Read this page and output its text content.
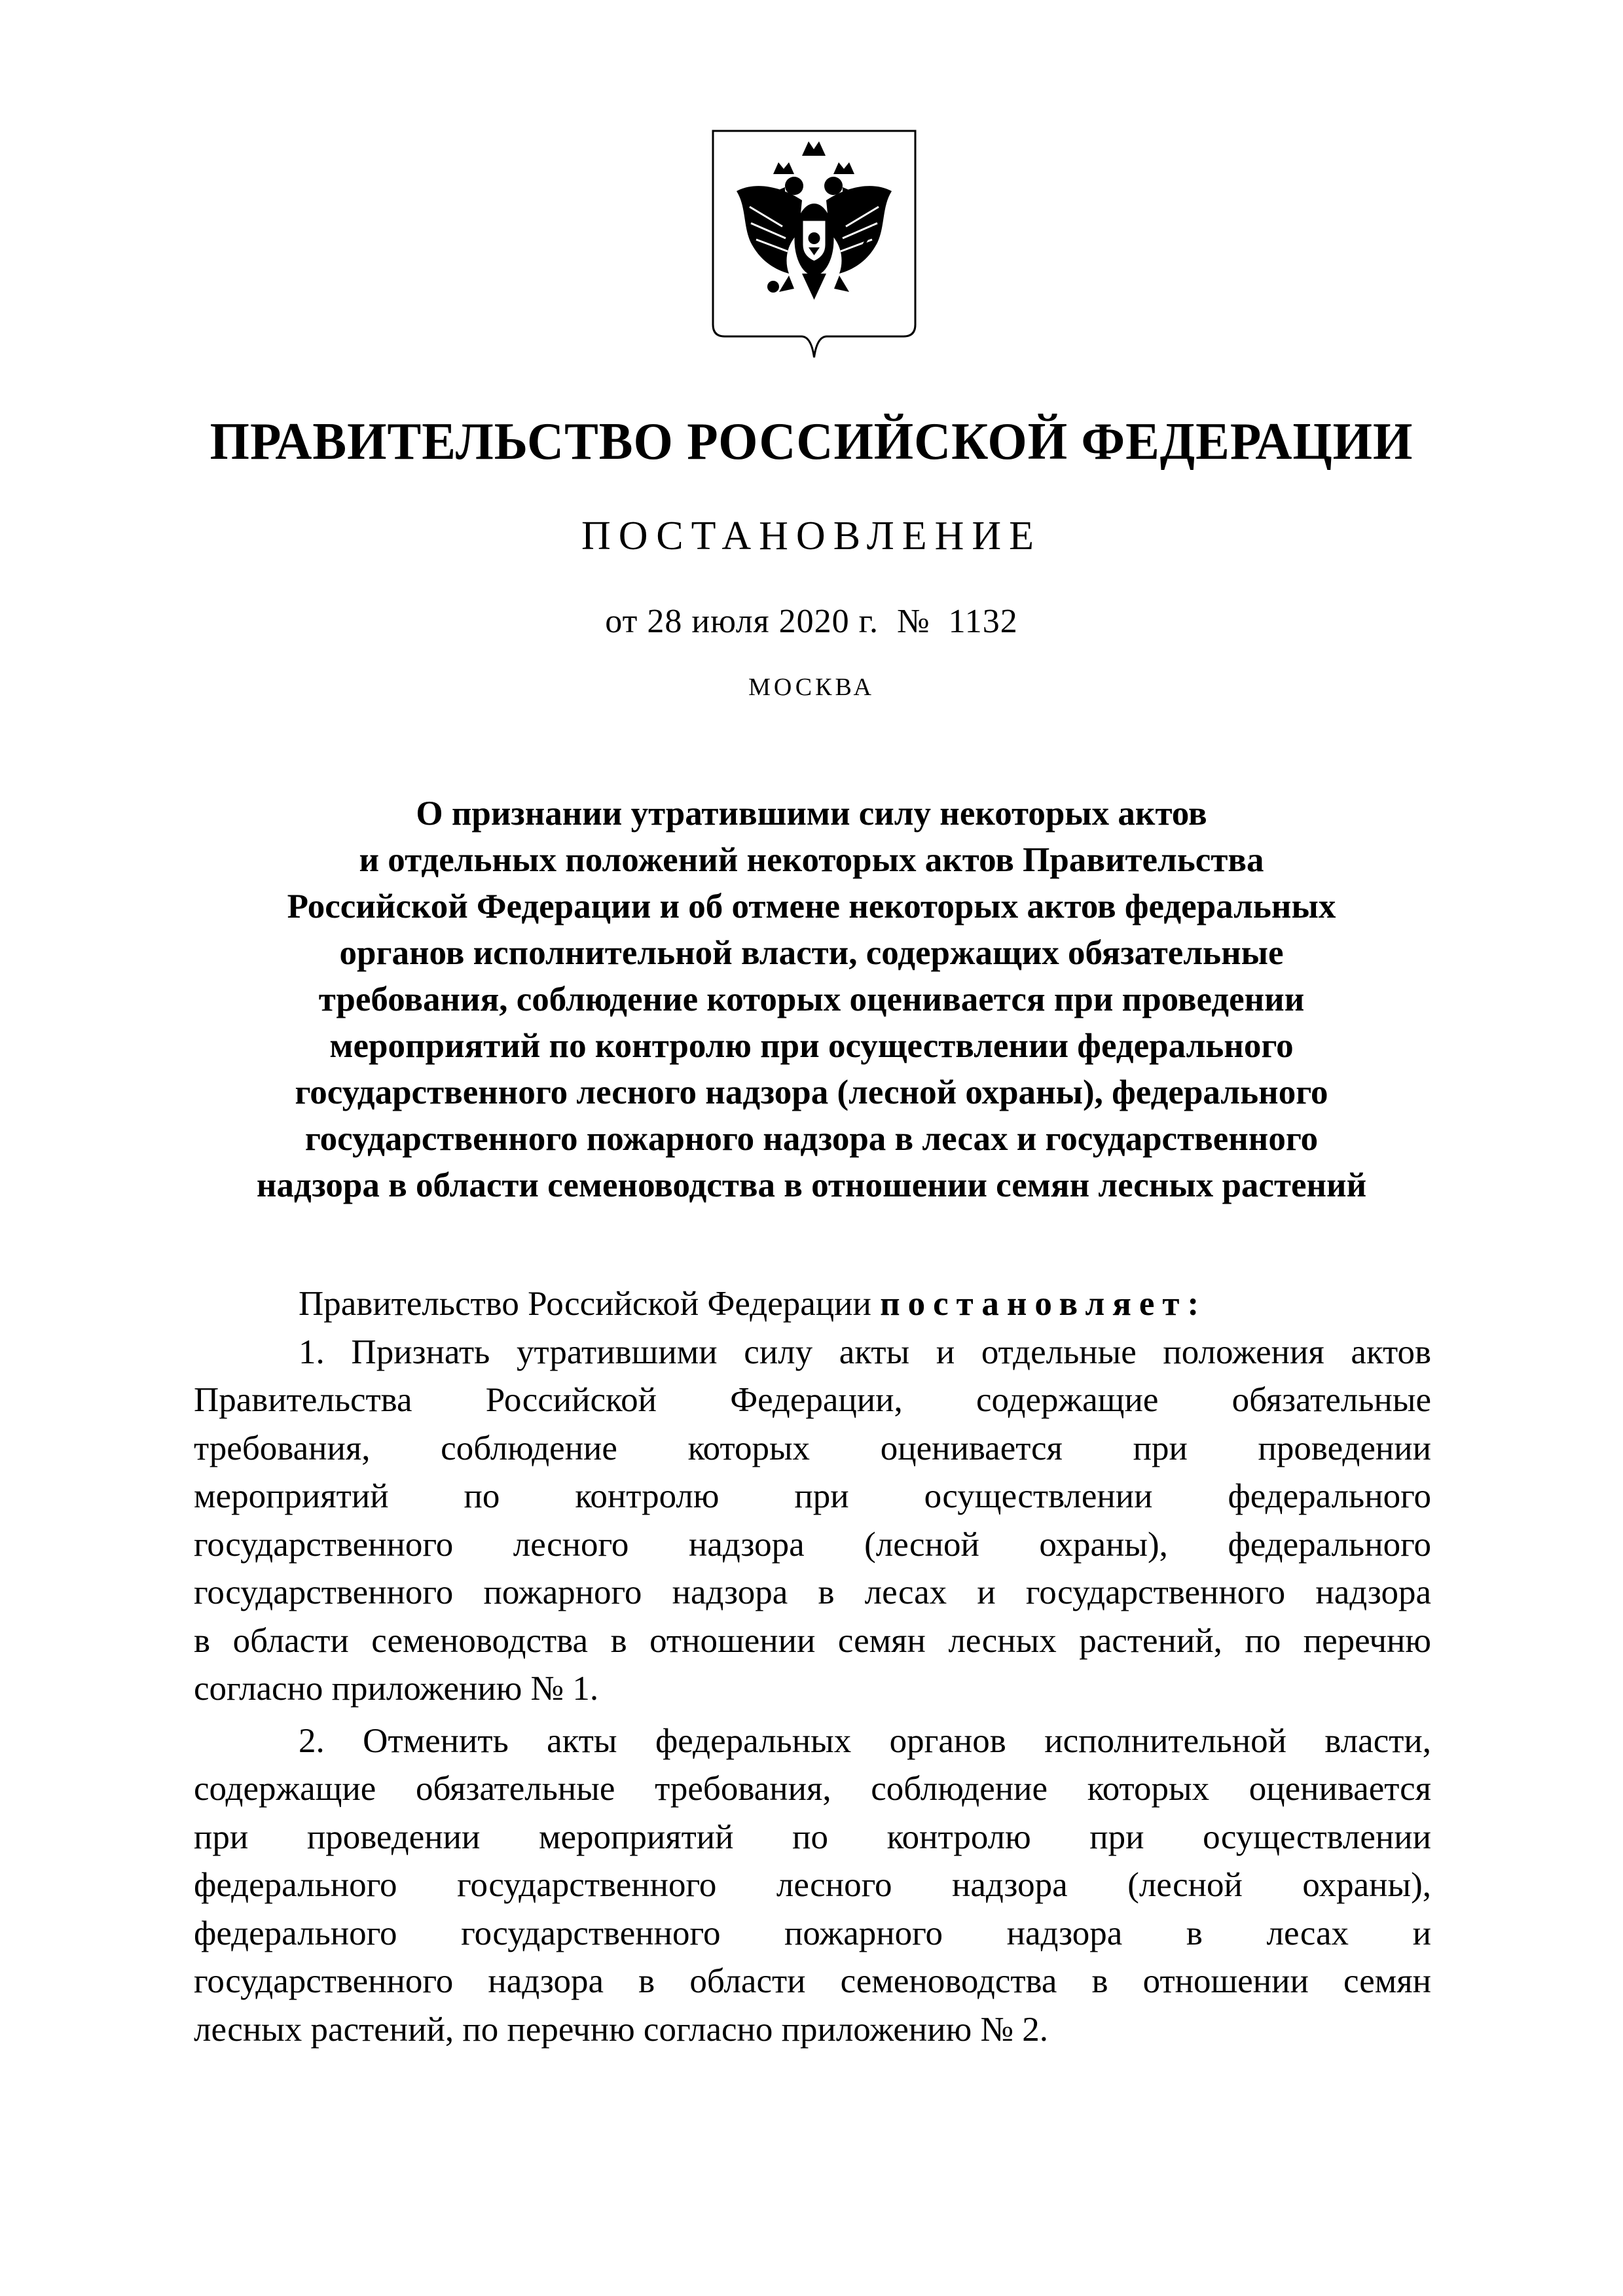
ПРАВИТЕЛЬСТВО РОССИЙСКОЙ ФЕДЕРАЦИИ
ПОСТАНОВЛЕНИЕ
от 28 июля 2020 г.  №  1132
МОСКВА
О признании утратившими силу некоторых актов
и отдельных положений некоторых актов Правительства
Российской Федерации и об отмене некоторых актов федеральных
органов исполнительной власти, содержащих обязательные
требования, соблюдение которых оценивается при проведении
мероприятий по контролю при осуществлении федерального
государственного лесного надзора (лесной охраны), федерального
государственного пожарного надзора в лесах и государственного
надзора в области семеноводства в отношении семян лесных растений

Правительство Российской Федерации постановляет:

1. Признать утратившими силу акты и отдельные положения актов
Правительства Российской Федерации, содержащие обязательные
требования, соблюдение которых оценивается при проведении
мероприятий по контролю при осуществлении федерального
государственного лесного надзора (лесной охраны), федерального
государственного пожарного надзора в лесах и государственного надзора
в области семеноводства в отношении семян лесных растений, по перечню
согласно приложению № 1.
2. Отменить акты федеральных органов исполнительной власти,
содержащие обязательные требования, соблюдение которых оценивается
при проведении мероприятий по контролю при осуществлении
федерального государственного лесного надзора (лесной охраны),
федерального государственного пожарного надзора в лесах и
государственного надзора в области семеноводства в отношении семян
лесных растений, по перечню согласно приложению № 2.
